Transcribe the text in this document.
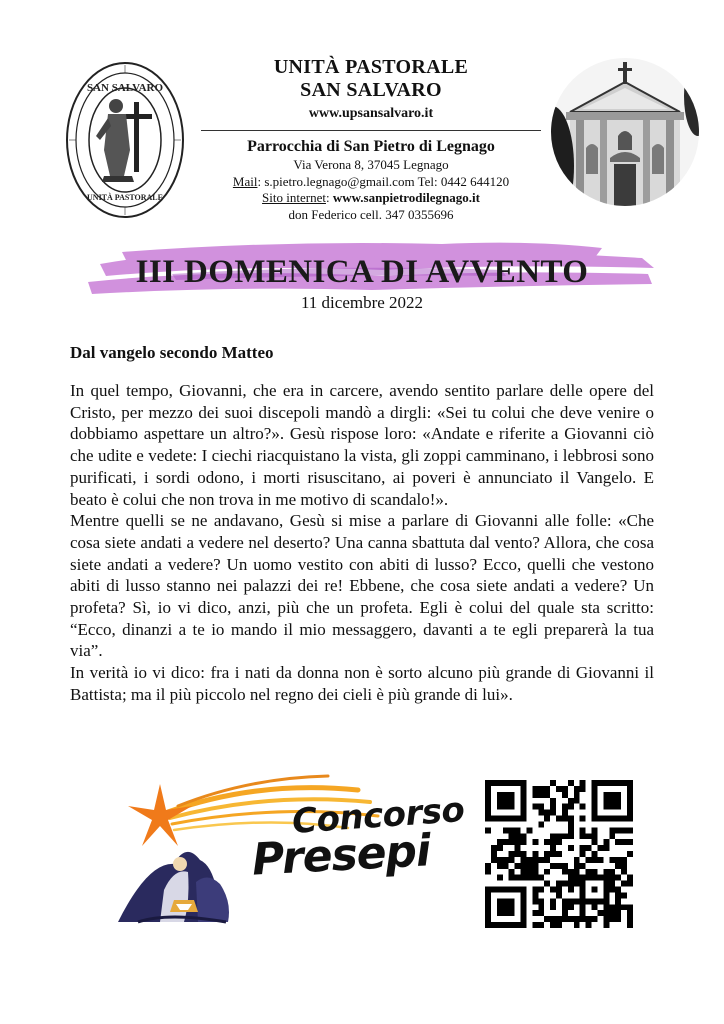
SAN SALVARO
UNITÀ PASTORALE
UNITÀ PASTORALE
SAN SALVARO
www.upsansalvaro.it
Parrocchia di San Pietro di Legnago
Via Verona 8, 37045 Legnago
Mail: s.pietro.legnago@gmail.com Tel: 0442 644120
Sito internet: www.sanpietrodilegnago.it
don Federico cell. 347 0355696
III DOMENICA DI AVVENTO
11 dicembre 2022
Dal vangelo secondo Matteo

In quel tempo, Giovanni, che era in carcere, avendo sentito parlare delle opere del Cristo, per mezzo dei suoi discepoli mandò a dirgli: «Sei tu colui che deve venire o dobbiamo aspettare un altro?». Gesù rispose loro: «Andate e riferite a Giovanni ciò che udite e vedete: I ciechi riacquistano la vista, gli zoppi camminano, i lebbrosi sono purificati, i sordi odono, i morti risuscitano, ai poveri è annunciato il Vangelo. E beato è colui che non trova in me motivo di scandalo!».

Mentre quelli se ne andavano, Gesù si mise a parlare di Giovanni alle folle: «Che cosa siete andati a vedere nel deserto? Una canna sbattuta dal vento? Allora, che cosa siete andati a vedere? Un uomo vestito con abiti di lusso? Ecco, quelli che vestono abiti di lusso stanno nei palazzi dei re! Ebbene, che cosa siete andati a vedere? Un profeta? Sì, io vi dico, anzi, più che un profeta. Egli è colui del quale sta scritto: “Ecco, dinanzi a te io mando il mio messaggero, davanti a te egli preparerà la tua via”.

In verità io vi dico: fra i nati da donna non è sorto alcuno più grande di Giovanni il Battista; ma il più piccolo nel regno dei cieli è più grande di lui».

Concorso
Presepi
